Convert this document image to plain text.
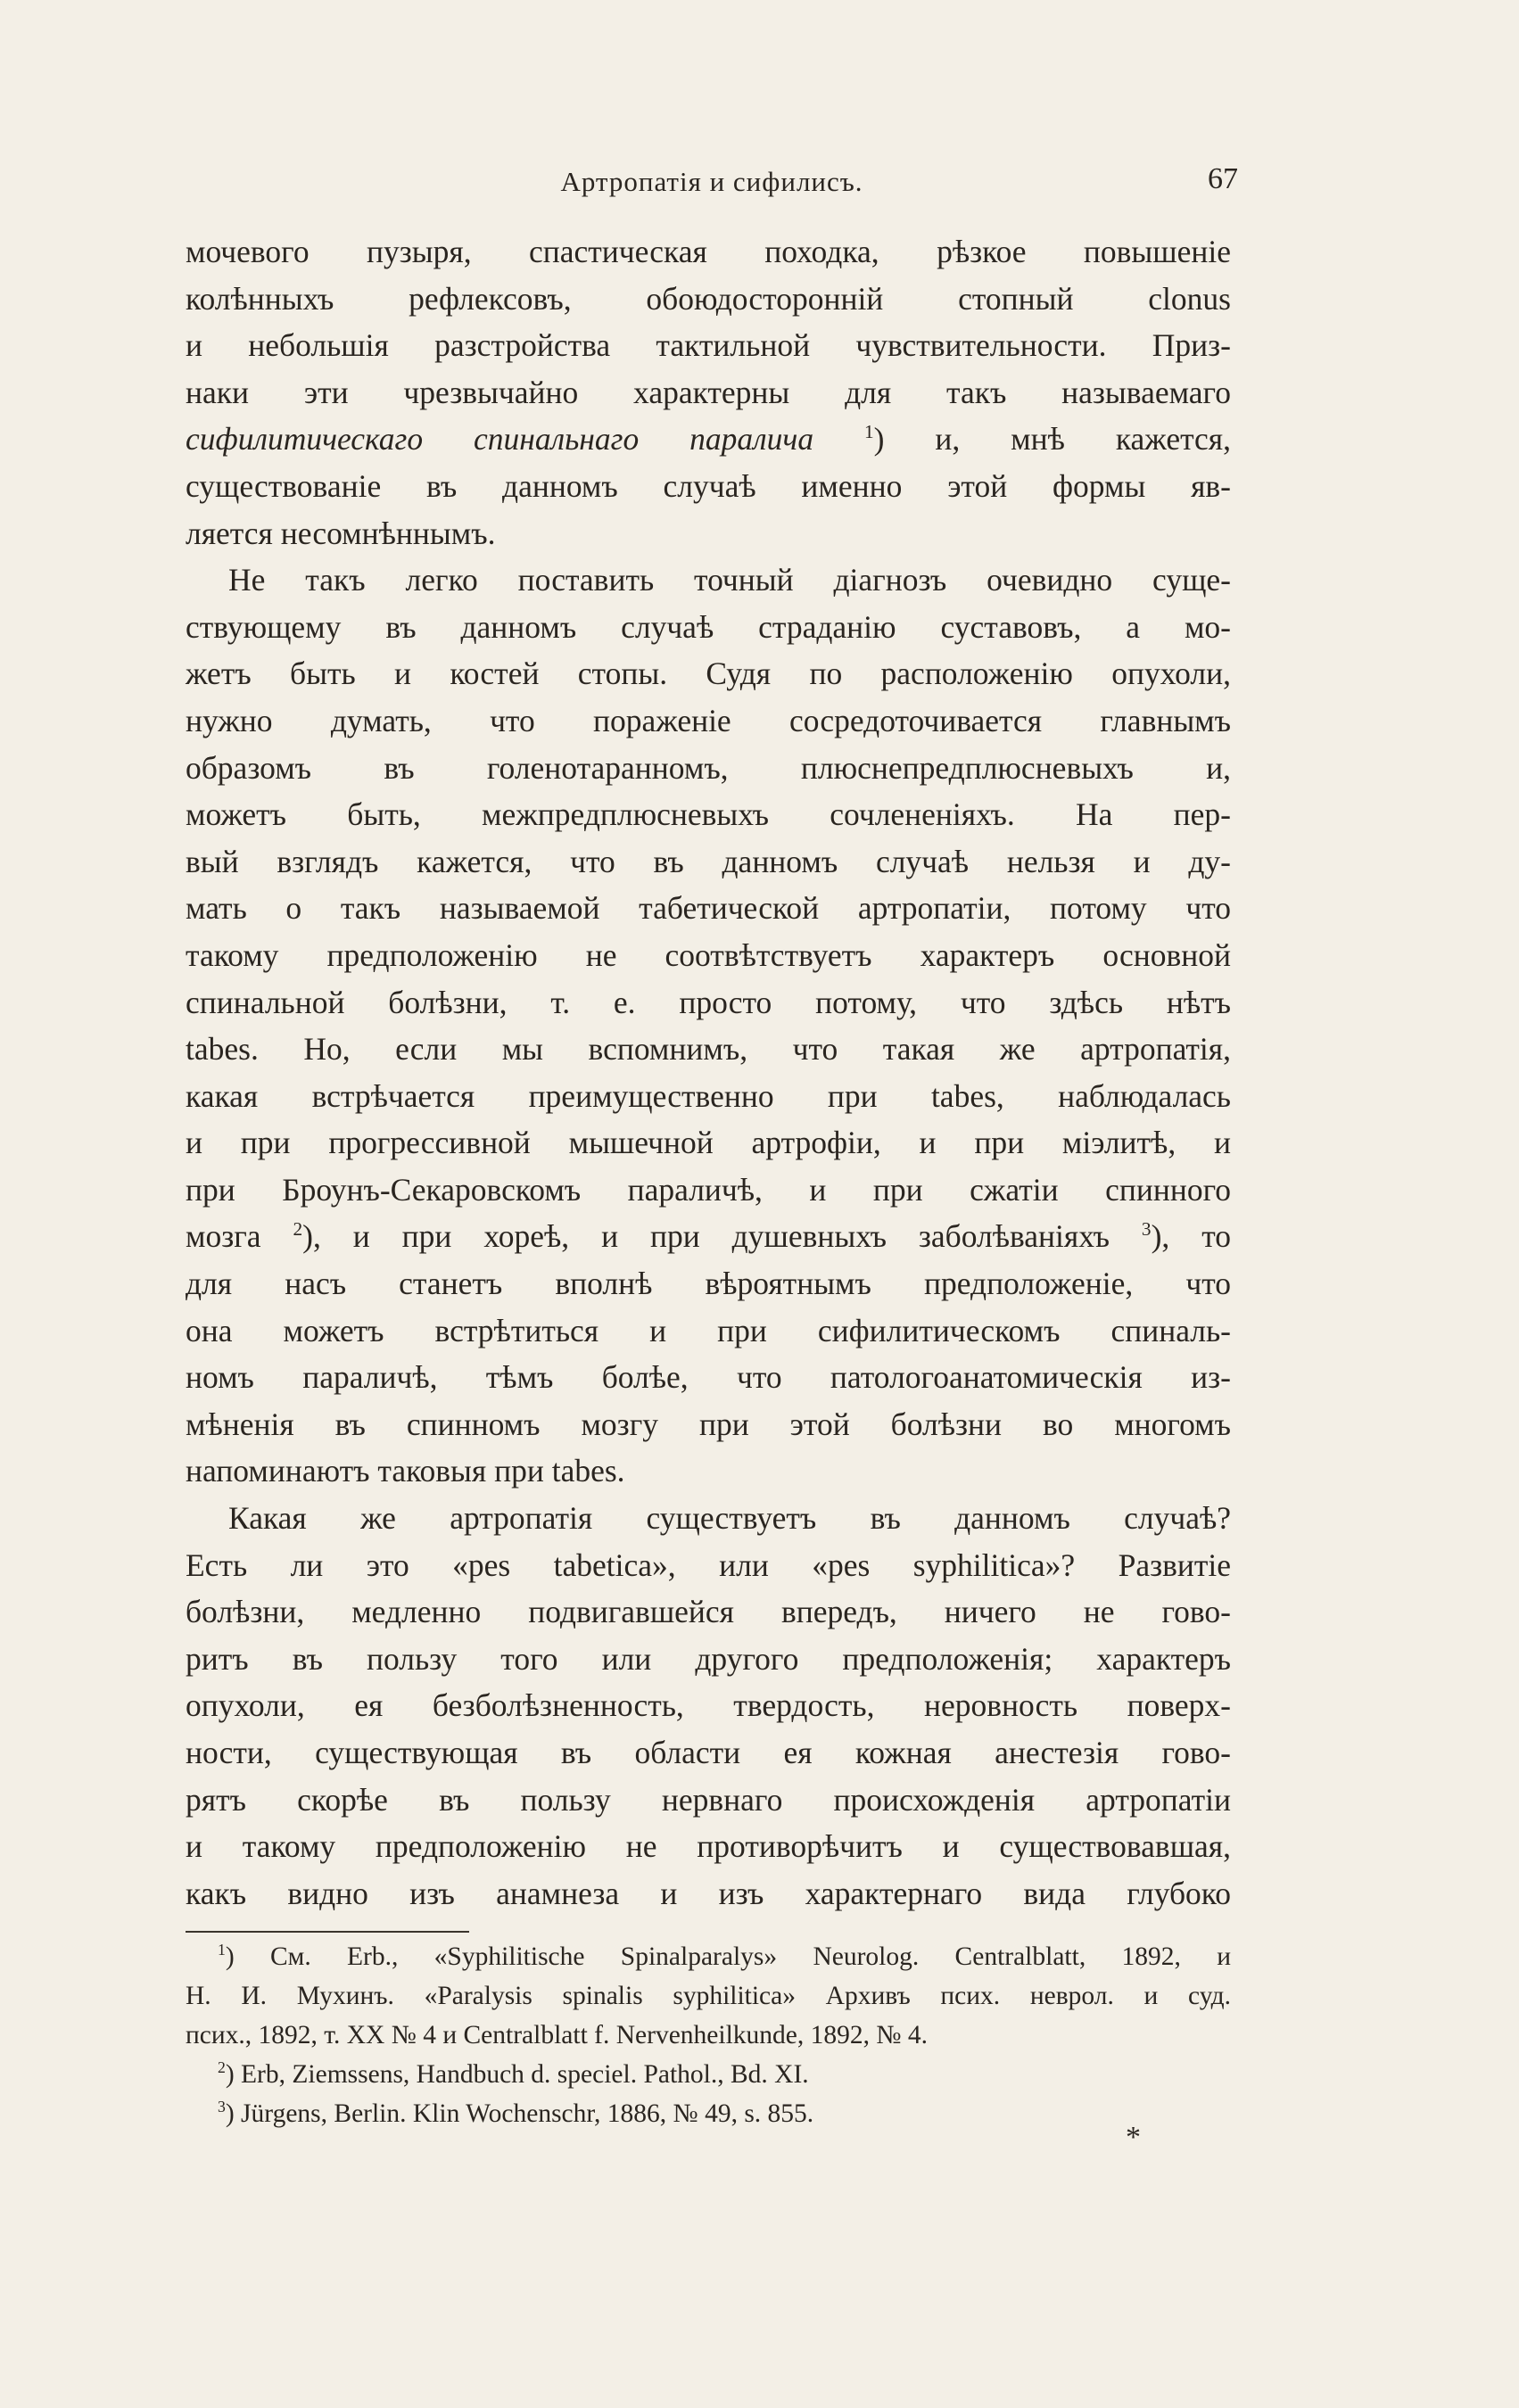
Артропатія и сифилисъ.	67
мочевого пузыря, спастическая походка, рѣзкое повышеніе
колѣнныхъ рефлексовъ, обоюдосторонній стопный clonus
и небольшія разстройства тактильной чувствительности. Приз-
наки эти чрезвычайно характерны для такъ называемаго
сифилитическаго спинальнаго паралича	$^1$) и, мнѣ кажется,
существованіе въ данномъ случаѣ именно этой формы яв-
ляется несомнѣннымъ.
Не такъ легко поставить точный діагнозъ очевидно суще-
ствующему въ данномъ случаѣ страданію суставовъ, а мо-
жетъ быть и костей стопы. Судя по расположенію опухоли,
нужно думать, что пораженіе сосредоточивается главнымъ
образомъ въ голенотаранномъ, плюснепредплюсневыхъ и,
можетъ быть, межпредплюсневыхъ сочлененіяхъ. На пер-
вый взглядъ кажется, что въ данномъ случаѣ нельзя и ду-
мать о такъ называемой табетической артропатіи, потому что
такому предположенію не соотвѣтствуетъ характеръ основной
спинальной болѣзни, т. е. просто потому, что здѣсь нѣтъ
tabes. Но, если мы вспомнимъ, что такая же артропатія,
какая встрѣчается преимущественно при tabes, наблюдалась
и при прогрессивной мышечной артрофіи, и при міэлитѣ, и
при Броунъ-Секаровскомъ параличѣ, и при сжатіи спинного
мозга $^2$), и при хореѣ, и при душевныхъ заболѣваніяхъ $^3$), то
для насъ станетъ вполнѣ вѣроятнымъ предположеніе, что
она можетъ встрѣтиться и при сифилитическомъ спиналь-
номъ параличѣ, тѣмъ болѣе, что патологоанатомическія из-
мѣненія въ спинномъ мозгу при этой болѣзни во многомъ
напоминаютъ таковыя при tabes.
Какая же артропатія существуетъ въ данномъ случаѣ?
Есть ли это «pes tabetica», или «pes syphilitica»? Развитіе
болѣзни, медленно подвигавшейся впередъ, ничего не гово-
ритъ въ пользу того или другого предположенія; характеръ
опухоли, ея безболѣзненность, твердость, неровность поверх-
ности, существующая въ области ея кожная анестезія гово-
рятъ скорѣе въ пользу нервнаго происхожденія артропатіи
и такому предположенію не противорѣчитъ и существовавшая,
какъ видно изъ анамнеза и изъ характернаго вида глубоко
$^1$) См. Erb., «Syphilitische Spinalparalys» Neurolog. Centralblatt, 1892, и
Н. И. Мухинъ. «Paralysis spinalis syphilitica» Архивъ псих. неврол. и суд.
псих., 1892, т. XX № 4 и Centralblatt f. Nervenheilkunde, 1892, № 4.
$^2$) Erb, Ziemssens, Handbuch d. speciel. Pathol., Bd. XI.
$^3$) Jürgens, Berlin. Klin Wochenschr, 1886, № 49, s. 855.
*
